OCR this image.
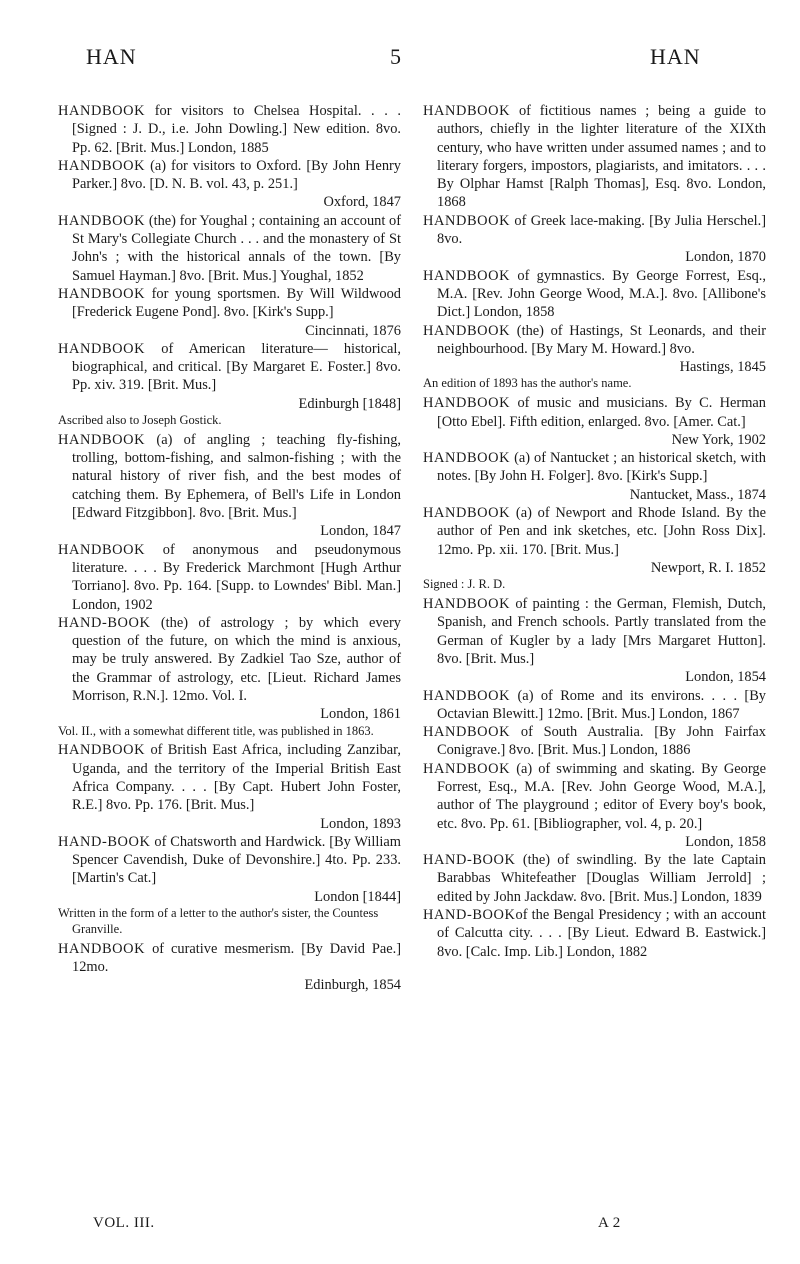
HAN	5	HAN

HANDBOOK for visitors to Chelsea Hospital. . . . [Signed : J. D., i.e. John Dowling.] New edition. 8vo. Pp. 62. [Brit. Mus.] London, 1885

HANDBOOK (a) for visitors to Oxford. [By John Henry Parker.] 8vo. [D. N. B. vol. 43, p. 251.]
Oxford, 1847

HANDBOOK (the) for Youghal ; containing an account of St Mary's Collegiate Church . . . and the monastery of St John's ; with the historical annals of the town. [By Samuel Hayman.] 8vo. [Brit. Mus.] Youghal, 1852

HANDBOOK for young sportsmen. By Will Wildwood [Frederick Eugene Pond]. 8vo. [Kirk's Supp.]
Cincinnati, 1876

HANDBOOK of American literature— historical, biographical, and critical. [By Margaret E. Foster.] 8vo. Pp. xiv. 319. [Brit. Mus.]
Edinburgh [1848]

Ascribed also to Joseph Gostick.

HANDBOOK (a) of angling ; teaching fly-fishing, trolling, bottom-fishing, and salmon-fishing ; with the natural history of river fish, and the best modes of catching them. By Ephemera, of Bell's Life in London [Edward Fitzgibbon]. 8vo. [Brit. Mus.]
London, 1847

HANDBOOK of anonymous and pseudonymous literature. . . . By Frederick Marchmont [Hugh Arthur Torriano]. 8vo. Pp. 164. [Supp. to Lowndes' Bibl. Man.] London, 1902

HAND-BOOK (the) of astrology ; by which every question of the future, on which the mind is anxious, may be truly answered. By Zadkiel Tao Sze, author of the Grammar of astrology, etc. [Lieut. Richard James Morrison, R.N.]. 12mo. Vol. I.
London, 1861

Vol. II., with a somewhat different title, was published in 1863.

HANDBOOK of British East Africa, including Zanzibar, Uganda, and the territory of the Imperial British East Africa Company. . . . [By Capt. Hubert John Foster, R.E.] 8vo. Pp. 176. [Brit. Mus.]
London, 1893

HAND-BOOK of Chatsworth and Hardwick. [By William Spencer Cavendish, Duke of Devonshire.] 4to. Pp. 233. [Martin's Cat.]
London [1844]

Written in the form of a letter to the author's sister, the Countess Granville.

HANDBOOK of curative mesmerism. [By David Pae.] 12mo.
Edinburgh, 1854

HANDBOOK of fictitious names ; being a guide to authors, chiefly in the lighter literature of the XIXth century, who have written under assumed names ; and to literary forgers, impostors, plagiarists, and imitators. . . . By Olphar Hamst [Ralph Thomas], Esq. 8vo. London, 1868

HANDBOOK of Greek lace-making. [By Julia Herschel.] 8vo.
London, 1870

HANDBOOK of gymnastics. By George Forrest, Esq., M.A. [Rev. John George Wood, M.A.]. 8vo. [Allibone's Dict.] London, 1858

HANDBOOK (the) of Hastings, St Leonards, and their neighbourhood. [By Mary M. Howard.] 8vo.
Hastings, 1845

An edition of 1893 has the author's name.

HANDBOOK of music and musicians. By C. Herman [Otto Ebel]. Fifth edition, enlarged. 8vo. [Amer. Cat.]
New York, 1902

HANDBOOK (a) of Nantucket ; an historical sketch, with notes. [By John H. Folger]. 8vo. [Kirk's Supp.]
Nantucket, Mass., 1874

HANDBOOK (a) of Newport and Rhode Island. By the author of Pen and ink sketches, etc. [John Ross Dix]. 12mo. Pp. xii. 170. [Brit. Mus.]
Newport, R. I. 1852

Signed : J. R. D.

HANDBOOK of painting : the German, Flemish, Dutch, Spanish, and French schools. Partly translated from the German of Kugler by a lady [Mrs Margaret Hutton]. 8vo. [Brit. Mus.]
London, 1854

HANDBOOK (a) of Rome and its environs. . . . [By Octavian Blewitt.] 12mo. [Brit. Mus.] London, 1867

HANDBOOK of South Australia. [By John Fairfax Conigrave.] 8vo. [Brit. Mus.] London, 1886

HANDBOOK (a) of swimming and skating. By George Forrest, Esq., M.A. [Rev. John George Wood, M.A.], author of The playground ; editor of Every boy's book, etc. 8vo. Pp. 61. [Bibliographer, vol. 4, p. 20.]
London, 1858

HAND-BOOK (the) of swindling. By the late Captain Barabbas Whitefeather [Douglas William Jerrold] ; edited by John Jackdaw. 8vo. [Brit. Mus.] London, 1839

HAND-BOOKof the Bengal Presidency ; with an account of Calcutta city. . . . [By Lieut. Edward B. Eastwick.] 8vo. [Calc. Imp. Lib.] London, 1882

VOL. III.	A 2
